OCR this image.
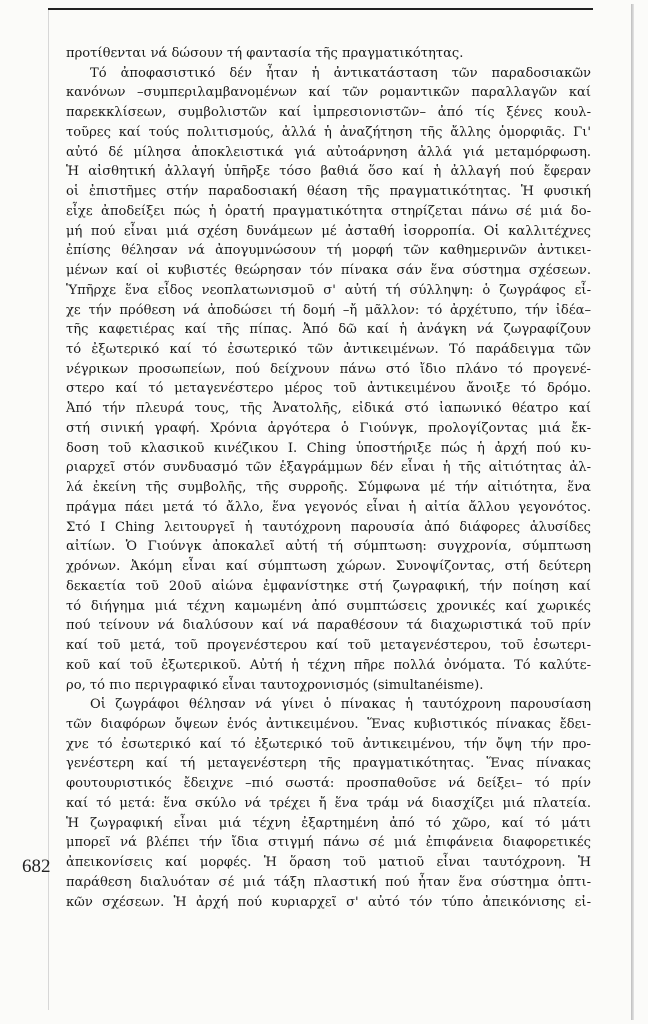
682
προτίθενται νά δώσουν τή φαντασία τῆς πραγματικότητας.
Τό ἀποφασιστικό δέν ἦταν ἡ ἀντικατάσταση τῶν παραδοσιακῶν
κανόνων –συμπεριλαμβανομένων καί τῶν ρομαντικῶν παραλλαγῶν καί
παρεκκλίσεων, συμβολιστῶν καί ἰμπρεσιονιστῶν– ἀπό τίς ξένες κουλ-
τοῦρες καί τούς πολιτισμούς, ἀλλά ἡ ἀναζήτηση τῆς ἄλλης ὁμορφιᾶς. Γι'
αὐτό δέ μίλησα ἀποκλειστικά γιά αὐτοάρνηση ἀλλά γιά μεταμόρφωση.
Ἡ αἰσθητική ἀλλαγή ὑπῆρξε τόσο βαθιά ὅσο καί ἡ ἀλλαγή πού ἔφεραν
οἱ ἐπιστῆμες στήν παραδοσιακή θέαση τῆς πραγματικότητας. Ἡ φυσική
εἶχε ἀποδείξει πώς ἡ ὁρατή πραγματικότητα στηρίζεται πάνω σέ μιά δο-
μή πού εἶναι μιά σχέση δυνάμεων μέ ἀσταθή ἰσορροπία. Οἱ καλλιτέχνες
ἐπίσης θέλησαν νά ἀπογυμνώσουν τή μορφή τῶν καθημερινῶν ἀντικει-
μένων καί οἱ κυβιστές θεώρησαν τόν πίνακα σάν ἕνα σύστημα σχέσεων.
Ὑπῆρχε ἕνα εἶδος νεοπλατωνισμοῦ σ' αὐτή τή σύλληψη: ὁ ζωγράφος εἶ-
χε τήν πρόθεση νά ἀποδώσει τή δομή –ἤ μᾶλλον: τό ἀρχέτυπο, τήν ἰδέα–
τῆς καφετιέρας καί τῆς πίπας. Ἀπό δῶ καί ἡ ἀνάγκη νά ζωγραφίζουν
τό ἐξωτερικό καί τό ἐσωτερικό τῶν ἀντικειμένων. Τό παράδειγμα τῶν
νέγρικων προσωπείων, πού δείχνουν πάνω στό ἴδιο πλάνο τό προγενέ-
στερο καί τό μεταγενέστερο μέρος τοῦ ἀντικειμένου ἄνοιξε τό δρόμο.
Ἀπό τήν πλευρά τους, τῆς Ἀνατολῆς, εἰδικά στό ἰαπωνικό θέατρο καί
στή σινική γραφή. Χρόνια ἀργότερα ὁ Γιούνγκ, προλογίζοντας μιά ἔκ-
δοση τοῦ κλασικοῦ κινέζικου I. Ching ὑποστήριξε πώς ἡ ἀρχή πού κυ-
ριαρχεῖ στόν συνδυασμό τῶν ἑξαγράμμων δέν εἶναι ἡ τῆς αἰτιότητας ἀλ-
λά ἐκείνη τῆς συμβολῆς, τῆς συρροῆς. Σύμφωνα μέ τήν αἰτιότητα, ἕνα
πράγμα πάει μετά τό ἄλλο, ἕνα γεγονός εἶναι ἡ αἰτία ἄλλου γεγονότος.
Στό I Ching λειτουργεῖ ἡ ταυτόχρονη παρουσία ἀπό διάφορες ἁλυσίδες
αἰτίων. Ὁ Γιούνγκ ἀποκαλεῖ αὐτή τή σύμπτωση: συγχρονία, σύμπτωση
χρόνων. Ἀκόμη εἶναι καί σύμπτωση χώρων. Συνοψίζοντας, στή δεύτερη
δεκαετία τοῦ 20οῦ αἰώνα ἐμφανίστηκε στή ζωγραφική, τήν ποίηση καί
τό διήγημα μιά τέχνη καμωμένη ἀπό συμπτώσεις χρονικές καί χωρικές
πού τείνουν νά διαλύσουν καί νά παραθέσουν τά διαχωριστικά τοῦ πρίν
καί τοῦ μετά, τοῦ προγενέστερου καί τοῦ μεταγενέστερου, τοῦ ἐσωτερι-
κοῦ καί τοῦ ἐξωτερικοῦ. Αὐτή ἡ τέχνη πῆρε πολλά ὀνόματα. Τό καλύτε-
ρο, τό πιο περιγραφικό εἶναι ταυτοχρονισμός (simultanéisme).
Οἱ ζωγράφοι θέλησαν νά γίνει ὁ πίνακας ἡ ταυτόχρονη παρουσίαση
τῶν διαφόρων ὄψεων ἑνός ἀντικειμένου. Ἕνας κυβιστικός πίνακας ἔδει-
χνε τό ἐσωτερικό καί τό ἐξωτερικό τοῦ ἀντικειμένου, τήν ὄψη τήν προ-
γενέστερη καί τή μεταγενέστερη τῆς πραγματικότητας. Ἕνας πίνακας
φουτουριστικός ἔδειχνε –πιό σωστά: προσπαθοῦσε νά δείξει– τό πρίν
καί τό μετά: ἕνα σκύλο νά τρέχει ἤ ἕνα τράμ νά διασχίζει μιά πλατεία.
Ἡ ζωγραφική εἶναι μιά τέχνη ἐξαρτημένη ἀπό τό χῶρο, καί τό μάτι
μπορεῖ νά βλέπει τήν ἴδια στιγμή πάνω σέ μιά ἐπιφάνεια διαφορετικές
ἀπεικονίσεις καί μορφές. Ἡ ὅραση τοῦ ματιοῦ εἶναι ταυτόχρονη. Ἡ
παράθεση διαλυόταν σέ μιά τάξη πλαστική πού ἦταν ἕνα σύστημα ὀπτι-
κῶν σχέσεων. Ἡ ἀρχή πού κυριαρχεῖ σ' αὐτό τόν τύπο ἀπεικόνισης εἰ-
